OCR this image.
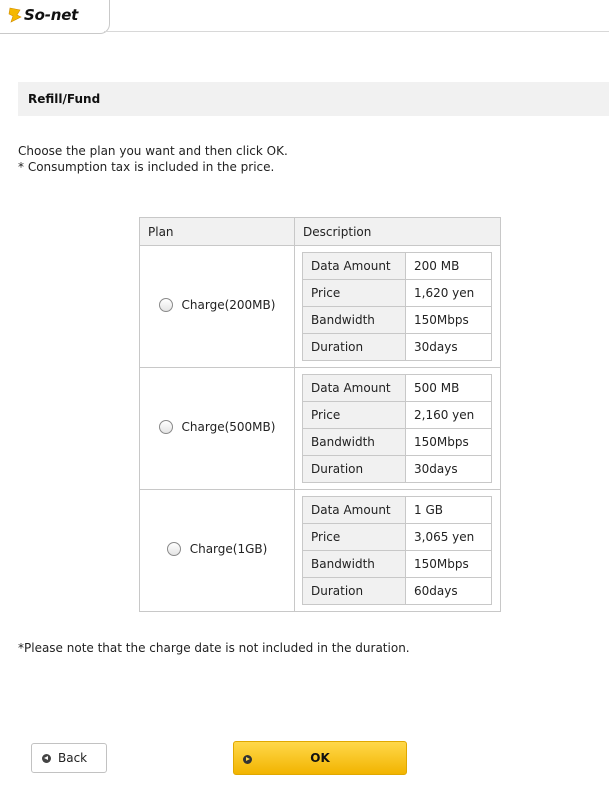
So-net
Refill/Fund
Choose the plan you want and then click OK.
* Consumption tax is included in the price.
Plan	Description

Charge(200MB)

Data Amount	200 MB
Price	1,620 yen
Bandwidth	150Mbps
Duration	30days

Charge(500MB)

Data Amount	500 MB
Price	2,160 yen
Bandwidth	150Mbps
Duration	30days

Charge(1GB)

Data Amount	1 GB
Price	3,065 yen
Bandwidth	150Mbps
Duration	60days
*Please note that the charge date is not included in the duration.
Back	OK
